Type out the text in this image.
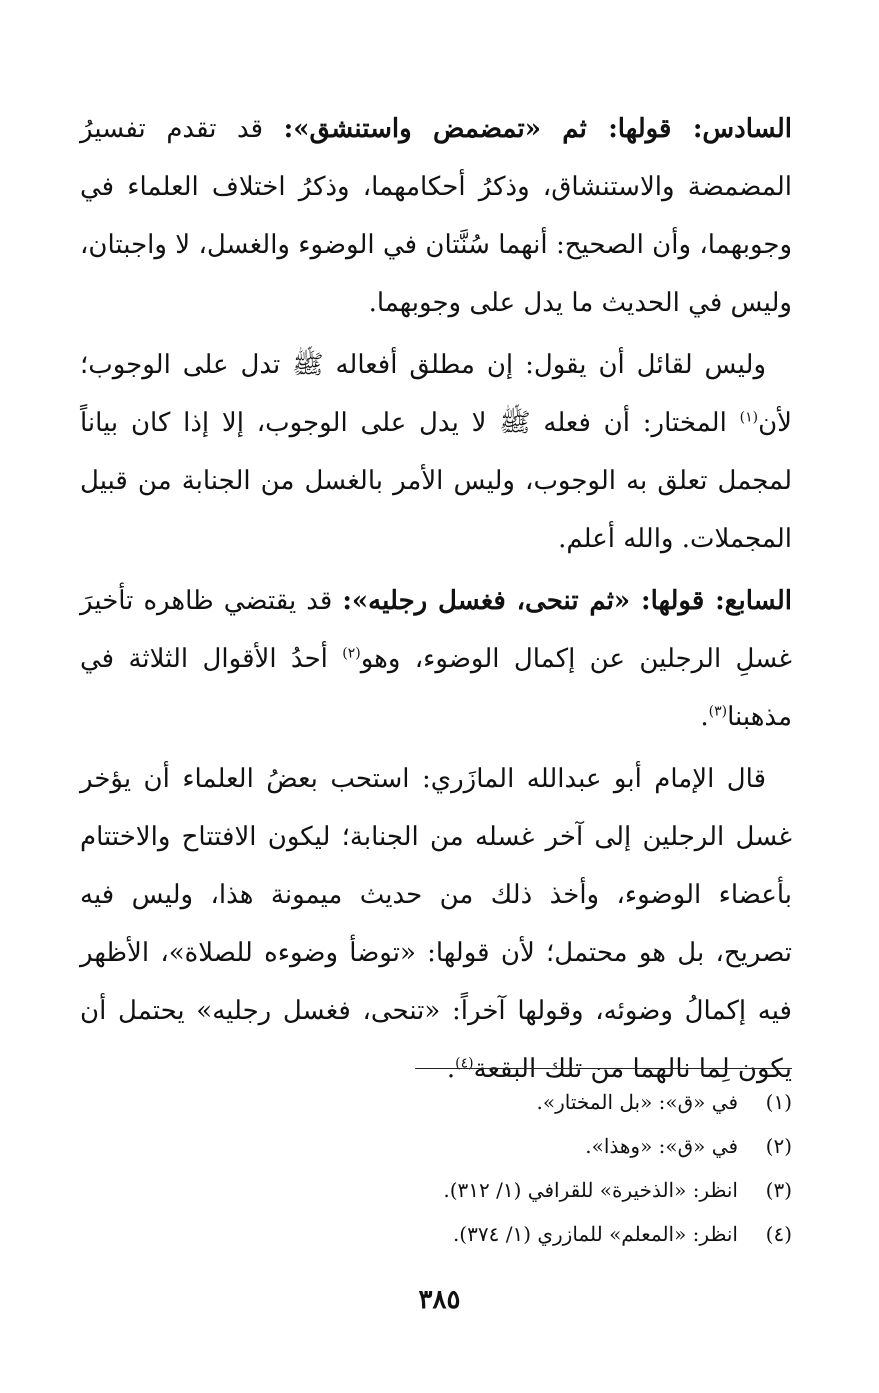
السادس: قولها: ثم «تمضمض واستنشق»: قد تقدم تفسيرُ المضمضة والاستنشاق، وذكرُ أحكامهما، وذكرُ اختلاف العلماء في وجوبهما، وأن الصحيح: أنهما سُنَّتان في الوضوء والغسل، لا واجبتان، وليس في الحديث ما يدل على وجوبهما.

وليس لقائل أن يقول: إن مطلق أفعاله ﷺ تدل على الوجوب؛ لأن$^{(١)}$ المختار: أن فعله ﷺ لا يدل على الوجوب، إلا إذا كان بياناً لمجمل تعلق به الوجوب، وليس الأمر بالغسل من الجنابة من قبيل المجملات. والله أعلم.

السابع: قولها: «ثم تنحى، فغسل رجليه»: قد يقتضي ظاهره تأخيرَ غسلِ الرجلين عن إكمال الوضوء، وهو$^{(٢)}$ أحدُ الأقوال الثلاثة في مذهبنا$^{(٣)}$.

قال الإمام أبو عبدالله المازَري: استحب بعضُ العلماء أن يؤخر غسل الرجلين إلى آخر غسله من الجنابة؛ ليكون الافتتاح والاختتام بأعضاء الوضوء، وأخذ ذلك من حديث ميمونة هذا، وليس فيه تصريح، بل هو محتمل؛ لأن قولها: «توضأ وضوءه للصلاة»، الأظهر فيه إكمالُ وضوئه، وقولها آخراً: «تنحى، فغسل رجليه» يحتمل أن يكون لِما نالهما من تلك البقعة$^{(٤)}$.

(١)
في «ق»: «بل المختار».
(٢)
في «ق»: «وهذا».
(٣)
انظر: «الذخيرة» للقرافي (١/ ٣١٢).
(٤)
انظر: «المعلم» للمازري (١/ ٣٧٤).
٣٨٥
